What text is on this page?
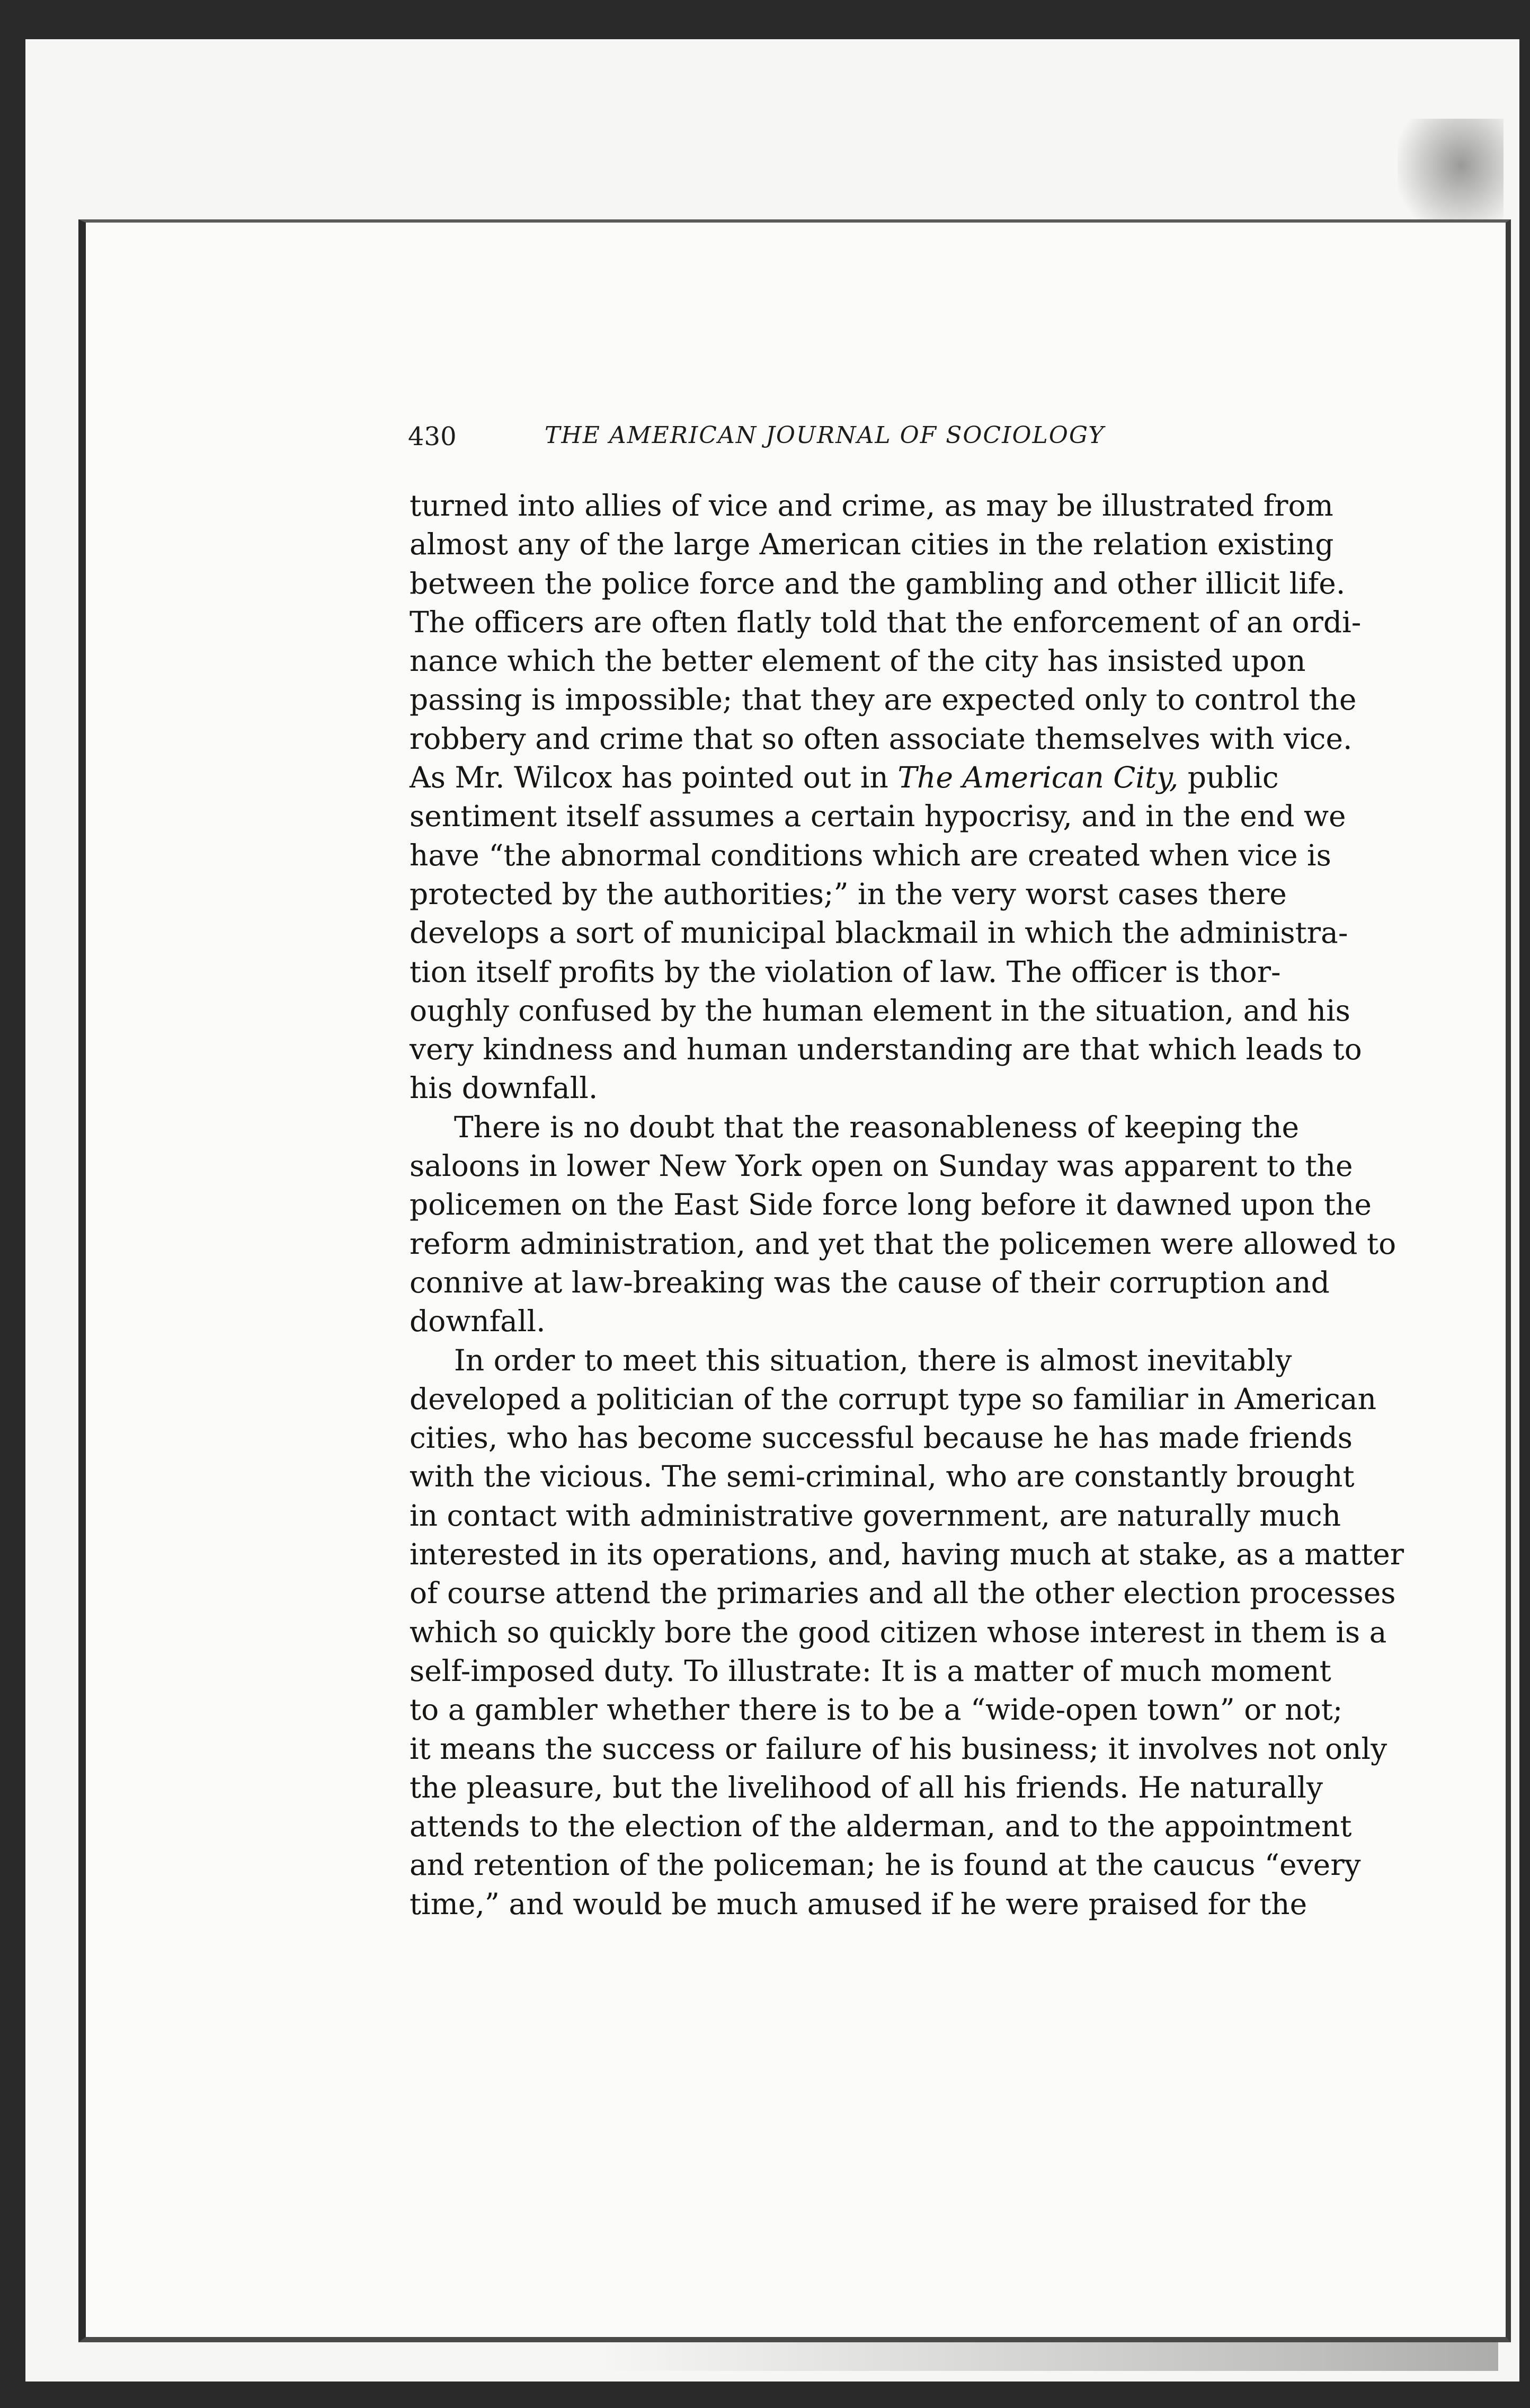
430	THE AMERICAN JOURNAL OF SOCIOLOGY
turned into allies of vice and crime, as may be illustrated from
almost any of the large American cities in the relation existing
between the police force and the gambling and other illicit life.
The officers are often flatly told that the enforcement of an ordi-
nance which the better element of the city has insisted upon
passing is impossible; that they are expected only to control the
robbery and crime that so often associate themselves with vice.
As Mr. Wilcox has pointed out in The American City, public
sentiment itself assumes a certain hypocrisy, and in the end we
have “the abnormal conditions which are created when vice is
protected by the authorities;” in the very worst cases there
develops a sort of municipal blackmail in which the administra-
tion itself profits by the violation of law. The officer is thor-
oughly confused by the human element in the situation, and his
very kindness and human understanding are that which leads to
his downfall.
There is no doubt that the reasonableness of keeping the
saloons in lower New York open on Sunday was apparent to the
policemen on the East Side force long before it dawned upon the
reform administration, and yet that the policemen were allowed to
connive at law-breaking was the cause of their corruption and
downfall.
In order to meet this situation, there is almost inevitably
developed a politician of the corrupt type so familiar in American
cities, who has become successful because he has made friends
with the vicious. The semi-criminal, who are constantly brought
in contact with administrative government, are naturally much
interested in its operations, and, having much at stake, as a matter
of course attend the primaries and all the other election processes
which so quickly bore the good citizen whose interest in them is a
self-imposed duty. To illustrate: It is a matter of much moment
to a gambler whether there is to be a “wide-open town” or not;
it means the success or failure of his business; it involves not only
the pleasure, but the livelihood of all his friends. He naturally
attends to the election of the alderman, and to the appointment
and retention of the policeman; he is found at the caucus “every
time,” and would be much amused if he were praised for the
